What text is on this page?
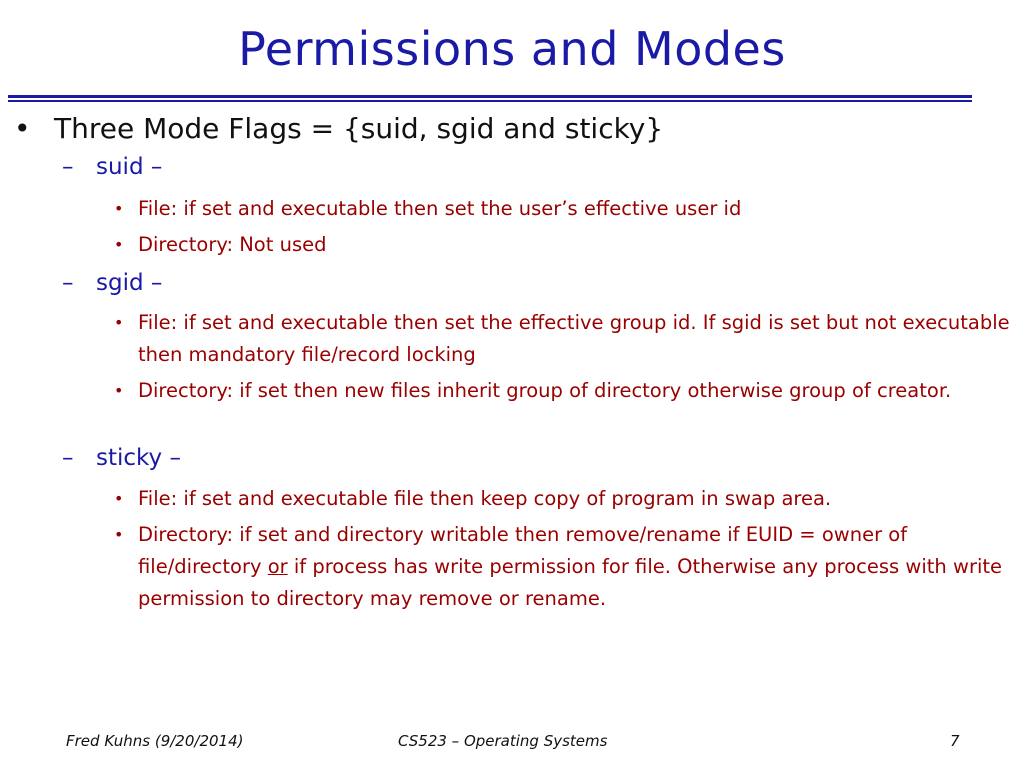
Permissions and Modes
• Three Mode Flags = {suid, sgid and sticky}
– suid –
• File: if set and executable then set the user’s effective user id
• Directory: Not used
– sgid –
• File: if set and executable then set the effective group id. If sgid is set but not executable then mandatory file/record locking
• Directory: if set then new files inherit group of directory otherwise group of creator.
– sticky –
• File: if set and executable file then keep copy of program in swap area.
• Directory: if set and directory writable then remove/rename if EUID = owner of file/directory or if process has write permission for file. Otherwise any process with write permission to directory may remove or rename.
Fred Kuhns (9/20/2014)	CS523 – Operating Systems	7
